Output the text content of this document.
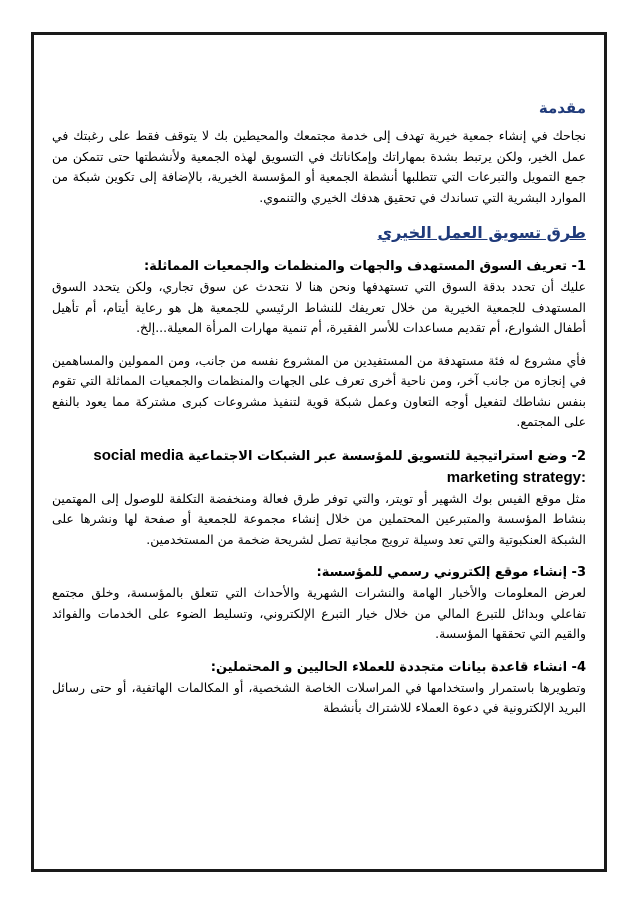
مقدمة

نجاحك في إنشاء جمعية خيرية تهدف إلى خدمة مجتمعك والمحيطين بك لا يتوقف فقط على رغبتك في عمل الخير، ولكن يرتبط بشدة بمهاراتك وإمكاناتك في التسويق لهذه الجمعية ولأنشطتها حتى تتمكن من جمع التمويل والتبرعات التي تتطلبها أنشطة الجمعية أو المؤسسة الخيرية، بالإضافة إلى تكوين شبكة من الموارد البشرية التي تساندك في تحقيق هدفك الخيري والتنموي.

طرق تسويق العمل الخيري
1- تعريف السوق المستهدف والجهات والمنظمات والجمعيات المماثلة:

عليك أن تحدد بدقة السوق التي تستهدفها ونحن هنا لا نتحدث عن سوق تجاري، ولكن يتحدد السوق المستهدف للجمعية الخيرية من خلال تعريفك للنشاط الرئيسي للجمعية هل هو رعاية أيتام، أم تأهيل أطفال الشوارع، أم تقديم مساعدات للأسر الفقيرة، أم تنمية مهارات المرأة المعيلة...إلخ.

فأي مشروع له فئة مستهدفة من المستفيدين من المشروع نفسه من جانب، ومن الممولين والمساهمين في إنجازه من جانب آخر، ومن ناحية أخرى تعرف على الجهات والمنظمات والجمعيات المماثلة التي تقوم بنفس نشاطك لتفعيل أوجه التعاون وعمل شبكة قوية لتنفيذ مشروعات كبرى مشتركة مما يعود بالنفع على المجتمع.

2- وضع استراتيجية للتسويق للمؤسسة عبر الشبكات الاجتماعية social media marketing strategy:

مثل موقع الفيس بوك الشهير أو تويتر، والتي توفر طرق فعالة ومنخفضة التكلفة للوصول إلى المهتمين بنشاط المؤسسة والمتبرعين المحتملين من خلال إنشاء مجموعة للجمعية أو صفحة لها ونشرها على الشبكة العنكبوتية والتي تعد وسيلة ترويج مجانية تصل لشريحة ضخمة من المستخدمين.

3- إنشاء موقع إلكتروني رسمي للمؤسسة:

لعرض المعلومات والأخبار الهامة والنشرات الشهرية والأحداث التي تتعلق بالمؤسسة، وخلق مجتمع تفاعلي وبدائل للتبرع المالي من خلال خيار التبرع الإلكتروني، وتسليط الضوء على الخدمات والفوائد والقيم التي تحققها المؤسسة.

4- انشاء قاعدة بيانات متجددة للعملاء الحاليين و المحتملين:

وتطويرها باستمرار واستخدامها في المراسلات الخاصة الشخصية، أو المكالمات الهاتفية، أو حتى رسائل البريد الإلكترونية في دعوة العملاء للاشتراك بأنشطة
